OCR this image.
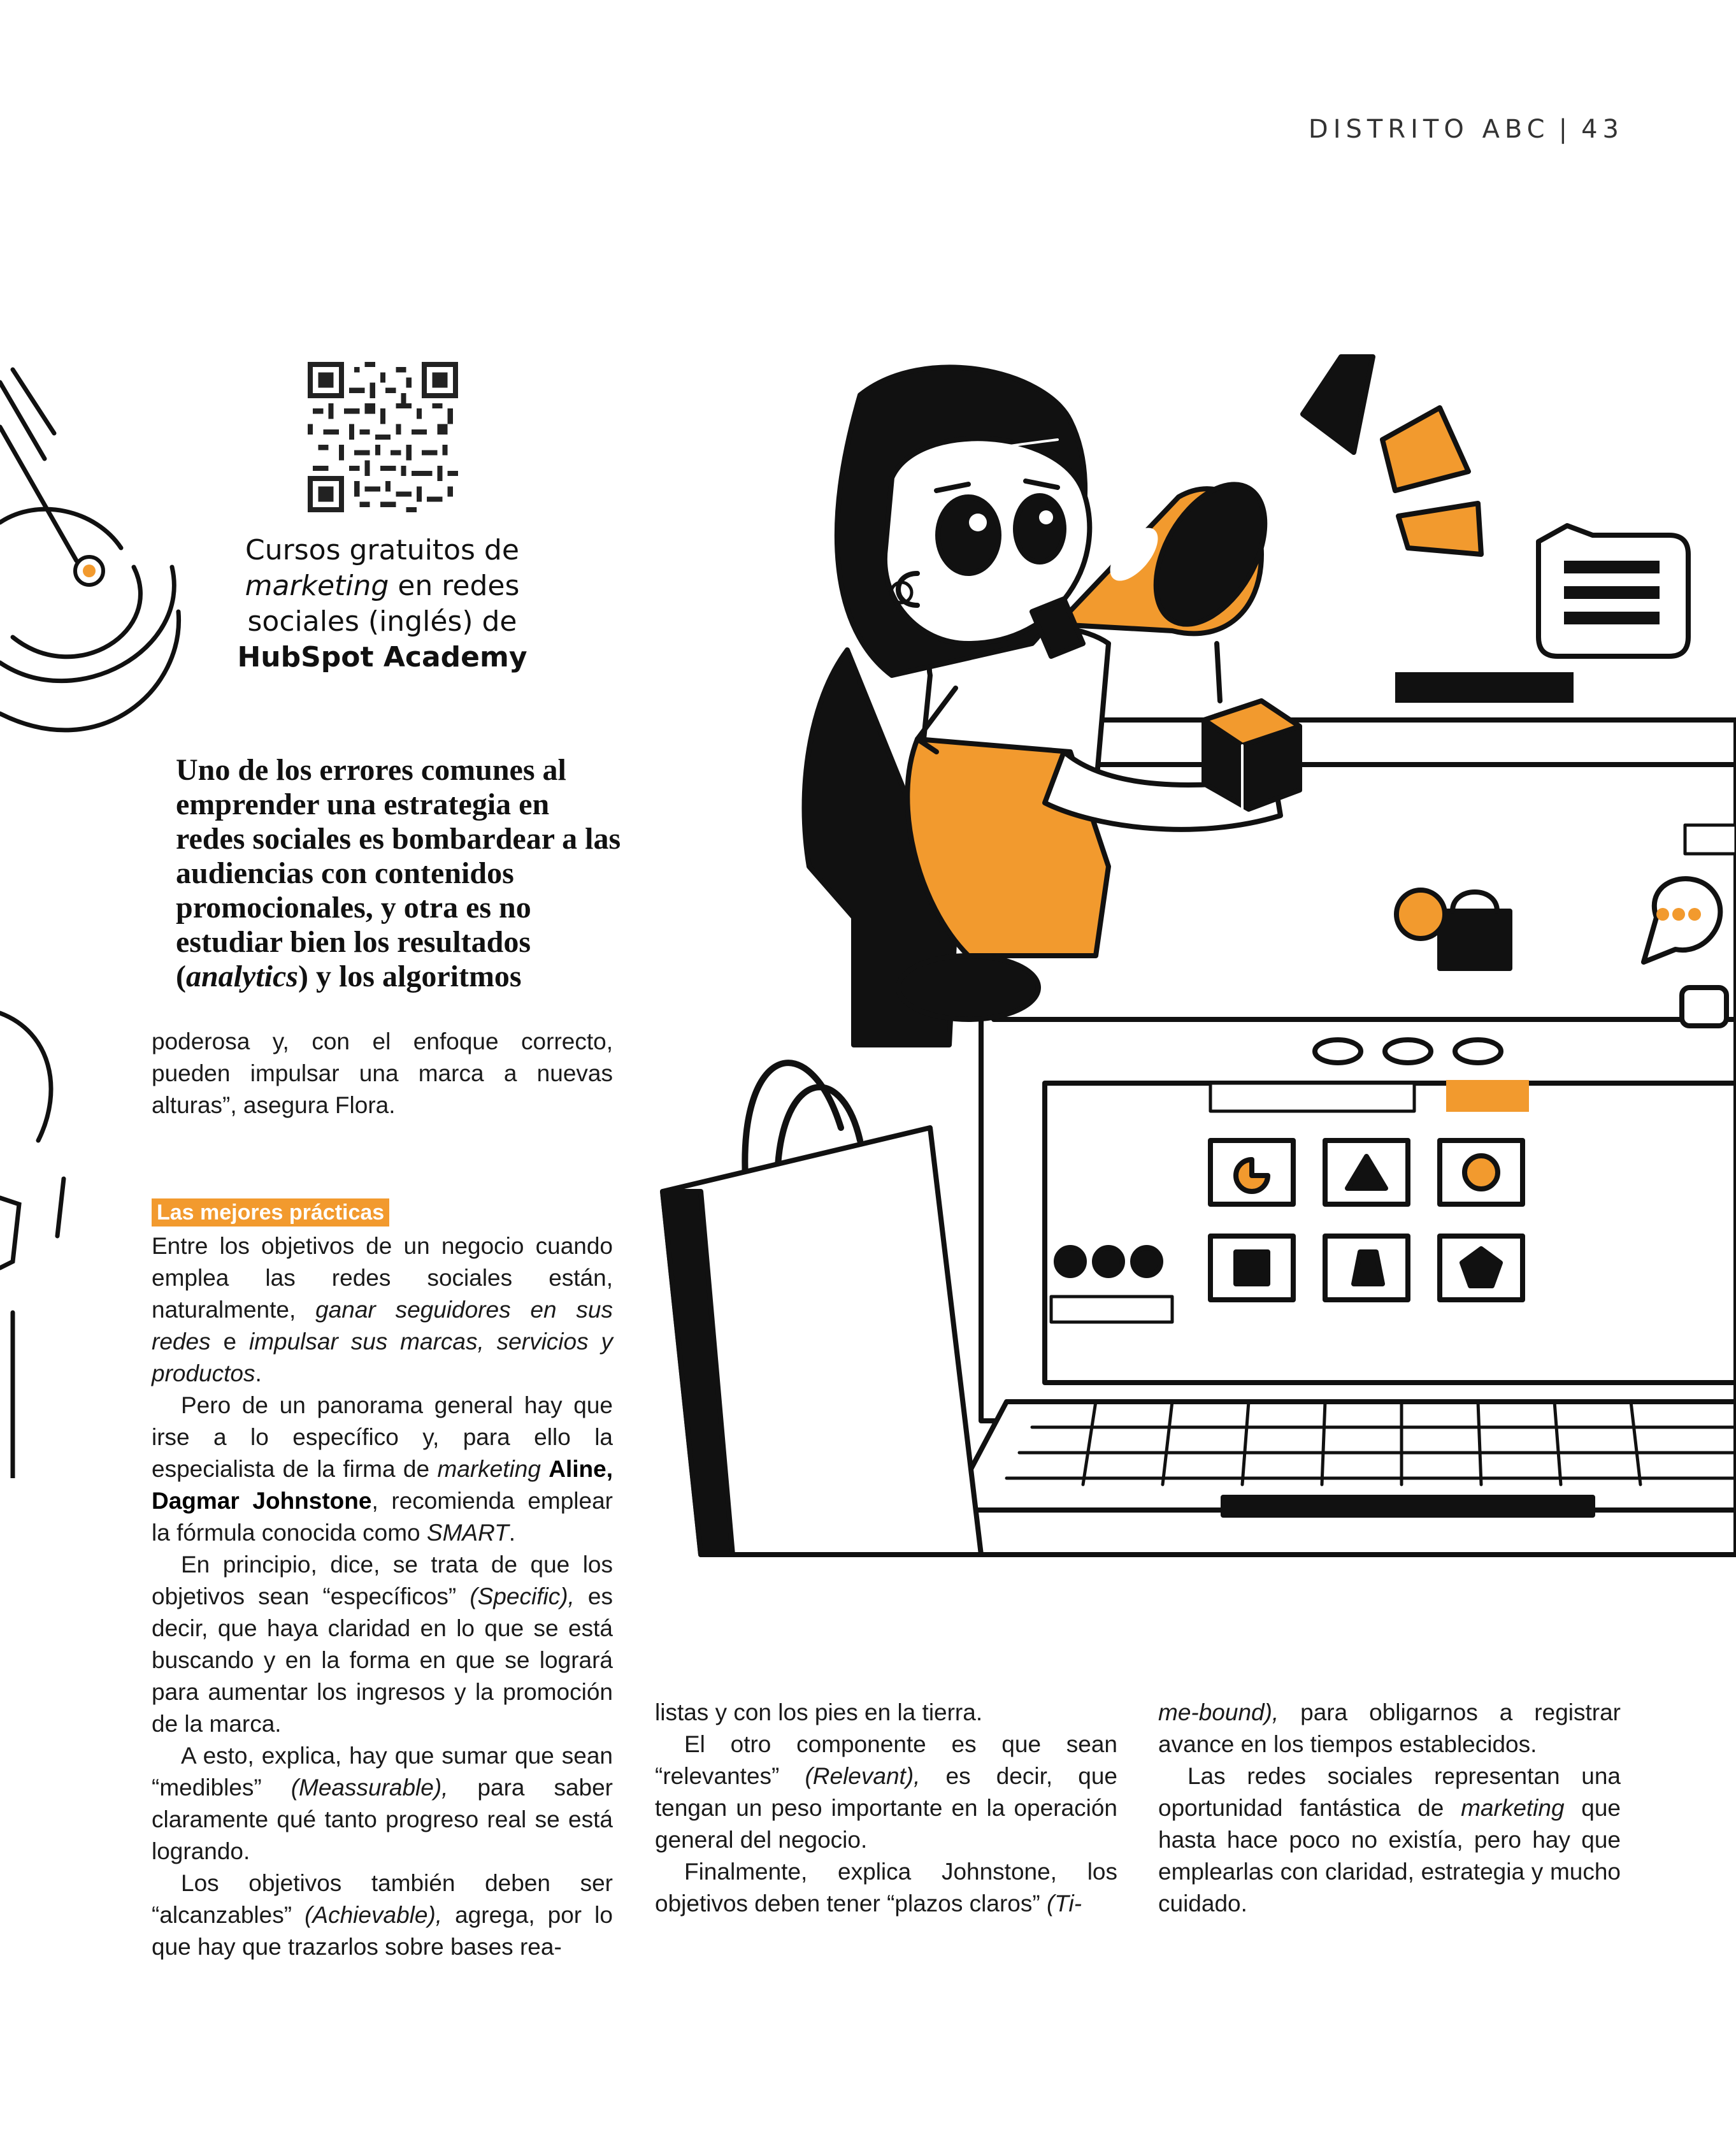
DISTRITO ABC | 43
Cursos gratuitos de
marketing en redes
sociales (inglés) de
HubSpot Academy
Uno de los errores comunes al emprender una estrategia en redes sociales es bombardear a las audiencias con contenidos promocionales, y otra es no estudiar bien los resultados (analytics) y los algoritmos

poderosa y, con el enfoque correcto, pueden impulsar una marca a nuevas alturas”, asegura Flora.

Las mejores prácticas

Entre los objetivos de un negocio cuando emplea las redes sociales están, naturalmente, ganar seguidores en sus redes e impulsar sus marcas, servicios y productos.

Pero de un panorama general hay que irse a lo específico y, para ello la especialista de la firma de marketing Aline, Dagmar Johnstone, recomienda emplear la fórmula conocida como SMART.

En principio, dice, se trata de que los objetivos sean “específicos” (Specific), es decir, que haya claridad en lo que se está buscando y en la forma en que se logrará para aumentar los ingresos y la promoción de la marca.

A esto, explica, hay que sumar que sean “medibles” (Meassurable), para saber claramente qué tanto progreso real se está logrando.

Los objetivos también deben ser “alcanzables” (Achievable), agrega, por lo que hay que trazarlos sobre bases rea-

listas y con los pies en la tierra.

El otro componente es que sean “relevantes” (Relevant), es decir, que tengan un peso importante en la operación general del negocio.

Finalmente, explica Johnstone, los objetivos deben tener “plazos claros” (Ti-

me-bound), para obligarnos a registrar avance en los tiempos establecidos.

Las redes sociales representan una oportunidad fantástica de marketing que hasta hace poco no existía, pero hay que emplearlas con claridad, estrategia y mucho cuidado.
